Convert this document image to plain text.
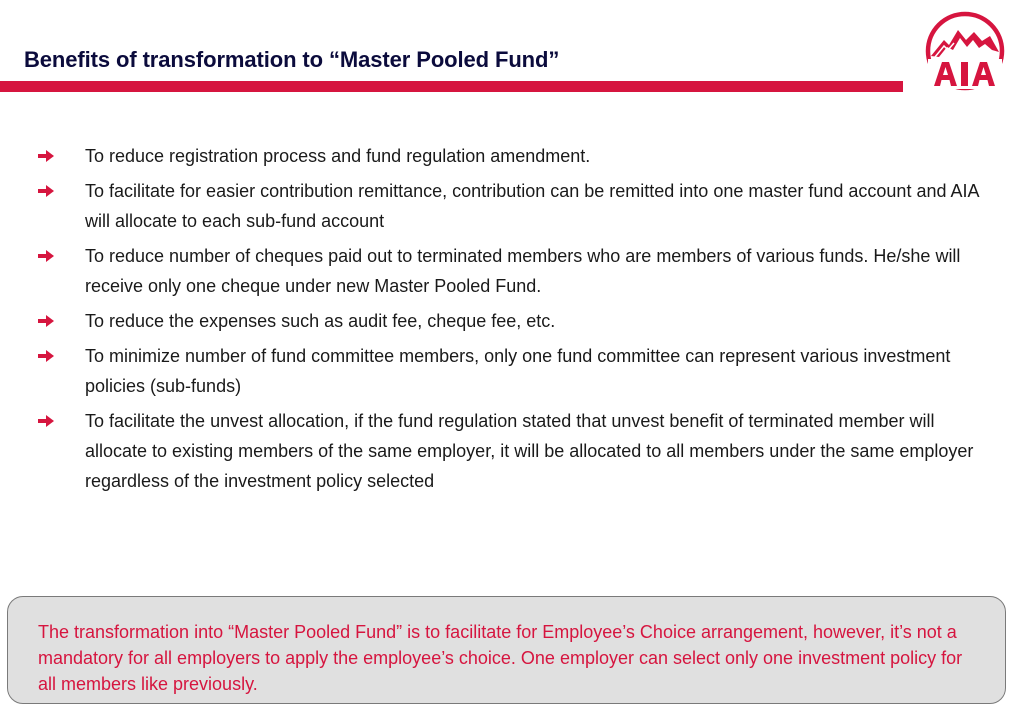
Benefits of transformation to “Master Pooled Fund”
To reduce registration process and fund regulation amendment.
To facilitate for easier contribution remittance, contribution can be remitted into one master fund account and AIA will allocate to each sub-fund account
To reduce number of cheques paid out to terminated members who are members of various funds. He/she will receive only one cheque under new Master Pooled Fund.
To reduce the expenses such as audit fee, cheque fee, etc.
To minimize number of fund committee members, only one fund committee can represent various investment policies (sub-funds)
To facilitate the unvest allocation, if the fund regulation stated that unvest benefit of terminated member will allocate to existing members of the same employer, it will be allocated to all members under the same employer regardless of the investment policy selected

The transformation into “Master Pooled Fund” is to facilitate for Employee’s Choice arrangement, however, it’s not a mandatory for all employers to apply the employee’s choice. One employer can select only one investment policy for all members like previously.
